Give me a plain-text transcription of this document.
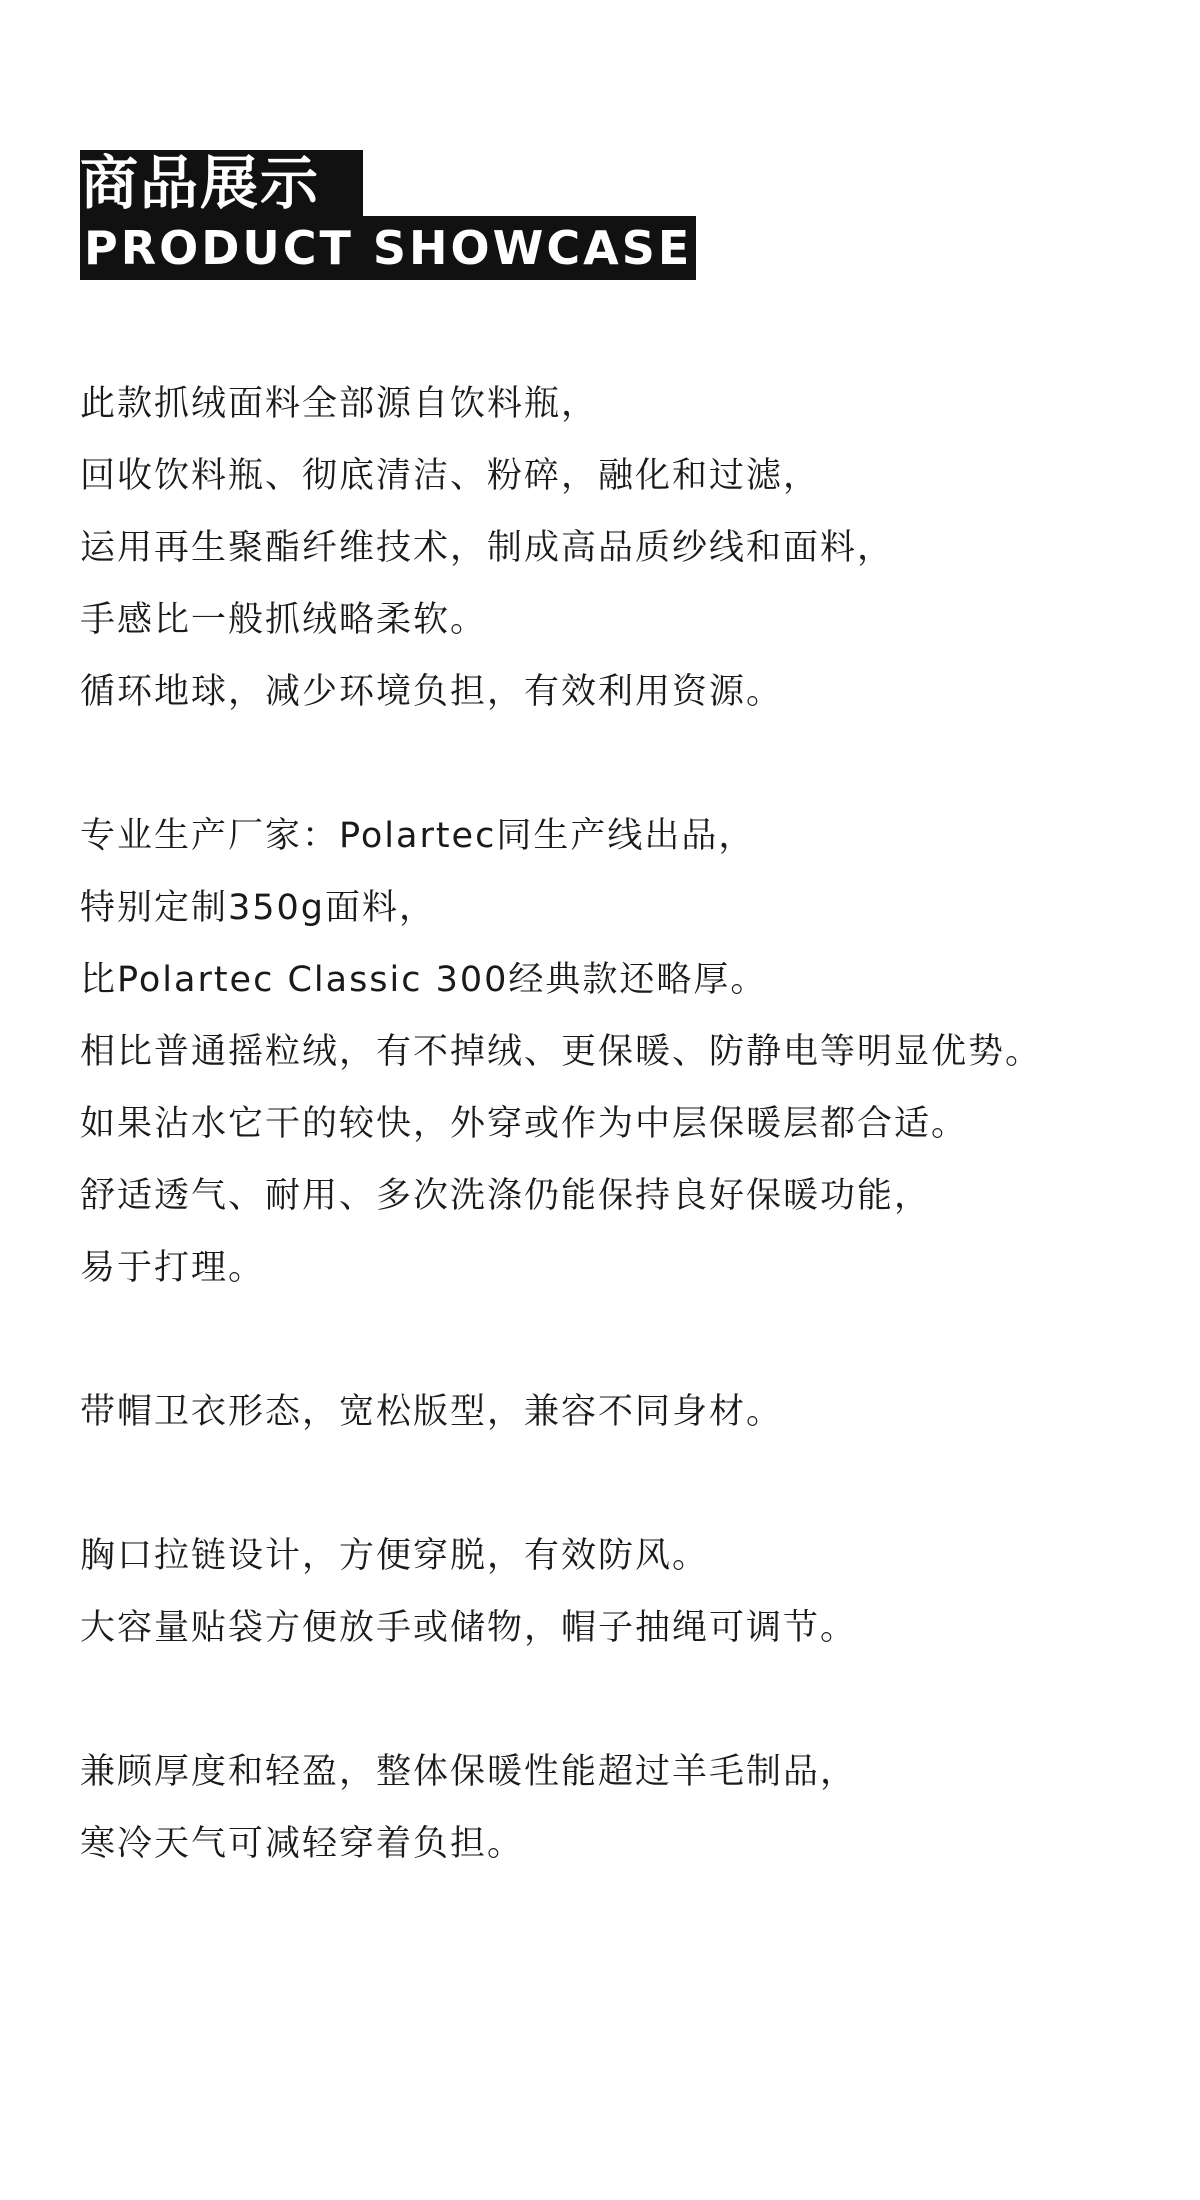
商品展示
PRODUCT SHOWCASE
此款抓绒面料全部源自饮料瓶，
回收饮料瓶、彻底清洁、粉碎，融化和过滤，
运用再生聚酯纤维技术，制成高品质纱线和面料，
手感比一般抓绒略柔软。
循环地球，减少环境负担，有效利用资源。
专业生产厂家：Polartec同生产线出品，
特别定制350g面料，
比Polartec Classic 300经典款还略厚。
相比普通摇粒绒，有不掉绒、更保暖、防静电等明显优势。
如果沾水它干的较快，外穿或作为中层保暖层都合适。
舒适透气、耐用、多次洗涤仍能保持良好保暖功能，
易于打理。
带帽卫衣形态，宽松版型，兼容不同身材。
胸口拉链设计，方便穿脱，有效防风。
大容量贴袋方便放手或储物，帽子抽绳可调节。
兼顾厚度和轻盈，整体保暖性能超过羊毛制品，
寒冷天气可减轻穿着负担。
